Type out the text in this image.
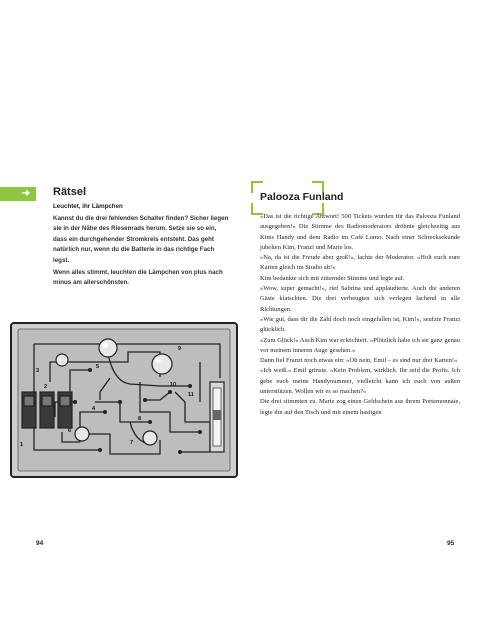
➜ Rätsel
Leuchtet, ihr Lämpchen

Kannst du die drei fehlenden Schalter finden? Sicher liegen sie in der Nähe des Riesenrads herum. Setze sie so ein, dass ein durchgehender Stromkreis entsteht. Das geht natürlich nur, wenn du die Batterie in das richtige Fach legst.

Wenn alles stimmt, leuchten die Lämpchen von plus nach minus am allerschönsten.

1
2
3
4
5
6
7
8
9
10
11
94
Palooza Funland

»Das ist die richtige Antwort! 500 Tickets wurden für das Palooza Funland ausgegeben!« Die Stimme des Radiomoderators dröhnte gleichzeitig aus Kims Handy und dem Radio im Café Lomo. Nach einer Schrecksekunde jubelten Kim, Franzi und Marie los.

»Na, da ist die Freude aber groß!«, lachte der Moderator. »Holt euch eure Karten gleich im Studio ab!«

Kim bedankte sich mit zitternder Stimme und legte auf.

»Wow, super gemacht!«, rief Sabrina und applaudierte. Auch die anderen Gäste klatschten. Die drei verbeugten sich verlegen lachend in alle Richtungen.

»Wie gut, dass dir die Zahl doch noch eingefallen ist, Kim!«, seufzte Franzi glücklich.

»Zum Glück!« Auch Kim war erleichtert. »Plötzlich habe ich sie ganz genau vor meinem inneren Auge gesehen.«

Dann fiel Franzi noch etwas ein: »Oh nein, Emil – es sind nur drei Karten!«

»Ich weiß.« Emil grinste. »Kein Problem, wirklich. Ihr seid die Profis. Ich gebe euch meine Handynummer, vielleicht kann ich euch von außen unterstützen. Wollen wir es so machen?«

Die drei stimmten zu. Marie zog einen Geldschein aus ihrem Portemonnaie, legte ihn auf den Tisch und mit einem hastigen

95
